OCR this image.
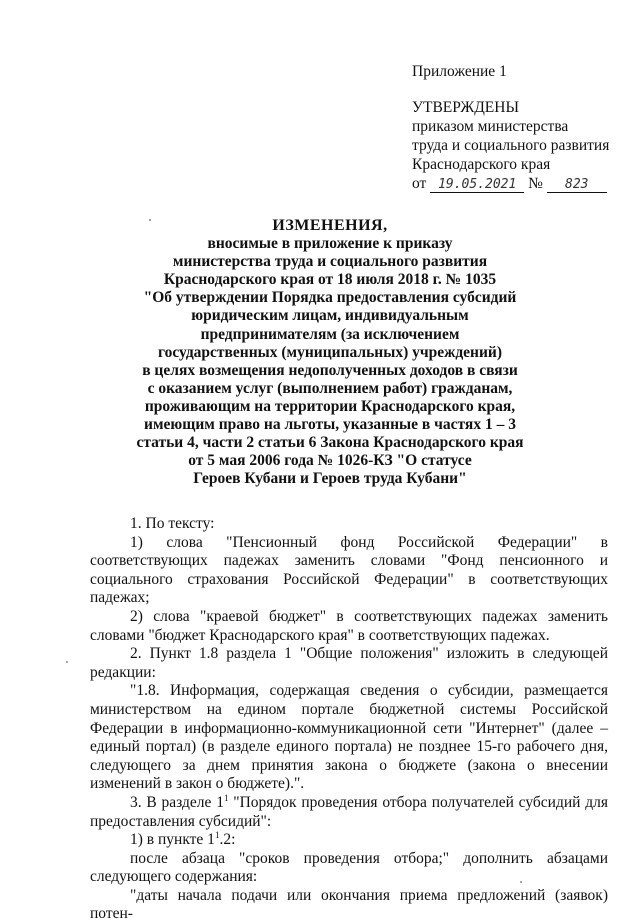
Приложение 1
УТВЕРЖДЕНЫ
приказом министерства
труда и социального развития
Краснодарского края
от 19.05.2021 № 823
ИЗМЕНЕНИЯ,
вносимые в приложение к приказу
министерства труда и социального развития
Краснодарского края от 18 июля 2018 г. № 1035
"Об утверждении Порядка предоставления субсидий
юридическим лицам, индивидуальным
предпринимателям (за исключением
государственных (муниципальных) учреждений)
в целях возмещения недополученных доходов в связи
с оказанием услуг (выполнением работ) гражданам,
проживающим на территории Краснодарского края,
имеющим право на льготы, указанные в частях 1 – 3
статьи 4, части 2 статьи 6 Закона Краснодарского края
от 5 мая 2006 года № 1026-КЗ "О статусе
Героев Кубани и Героев труда Кубани"

1. По тексту:

1) слова "Пенсионный фонд Российской Федерации" в соответствующих падежах заменить словами "Фонд пенсионного и социального страхования Российской Федерации" в соответствующих падежах;

2) слова "краевой бюджет" в соответствующих падежах заменить словами "бюджет Краснодарского края" в соответствующих падежах.

2. Пункт 1.8 раздела 1 "Общие положения" изложить в следующей редакции:

"1.8. Информация, содержащая сведения о субсидии, размещается министерством на едином портале бюджетной системы Российской Федерации в информационно-коммуникационной сети "Интернет" (далее – единый портал) (в разделе единого портала) не позднее 15-го рабочего дня, следующего за днем принятия закона о бюджете (закона о внесении изменений в закон о бюджете).".

3. В разделе $1^1$ "Порядок проведения отбора получателей субсидий для предоставления субсидий":

1) в пункте $1^1.2$:

после абзаца "сроков проведения отбора;" дополнить абзацами следующего содержания:

"даты начала подачи или окончания приема предложений (заявок) потен-
